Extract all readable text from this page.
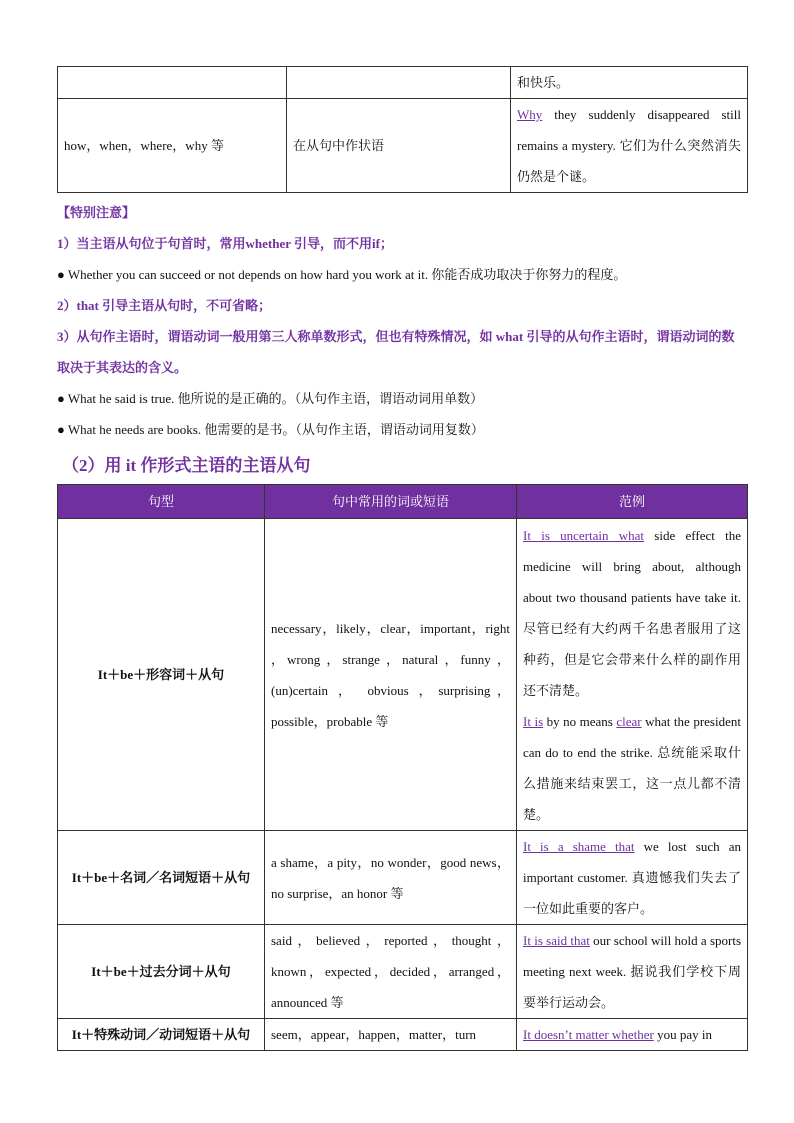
		和快乐。
how，when，where，why 等	在从句中作状语	Why they suddenly disappeared still remains a mystery. 它们为什么突然消失仍然是个谜。

【特别注意】

1）当主语从句位于句首时，常用whether 引导，而不用if；

● Whether you can succeed or not depends on how hard you work at it. 你能否成功取决于你努力的程度。

2）that 引导主语从句时，不可省略；

3）从句作主语时，谓语动词一般用第三人称单数形式，但也有特殊情况，如 what 引导的从句作主语时，谓语动词的数取决于其表达的含义。

● What he said is true. 他所说的是正确的。（从句作主语，谓语动词用单数）

● What he needs are books. 他需要的是书。（从句作主语，谓语动词用复数）

（2）用 it 作形式主语的主语从句
句型	句中常用的词或短语	范例
It＋be＋形容词＋从句	necessary，likely，clear，important，right ，wrong ，strange ，natural ，funny ， (un)certain ， obvious ，surprising，possible，probable 等	It is uncertain what side effect the medicine will bring about, although about two thousand patients have take it. 尽管已经有大约两千名患者服用了这种药，但是它会带来什么样的副作用还不清楚。
It is by no means clear what the president can do to end the strike. 总统能采取什么措施来结束罢工，这一点儿都不清楚。

It＋be＋名词／名词短语＋从句	a shame，a pity，no wonder，good news，no surprise，an honor 等	It is a shame that we lost such an important customer. 真遗憾我们失去了一位如此重要的客户。
It＋be＋过去分词＋从句	said，believed，reported，thought，known，expected，decided，arranged，announced 等	It is said that our school will hold a sports meeting next week. 据说我们学校下周要举行运动会。
It＋特殊动词／动词短语＋从句	seem，appear，happen，matter，turn	It doesn’t matter whether you pay in
